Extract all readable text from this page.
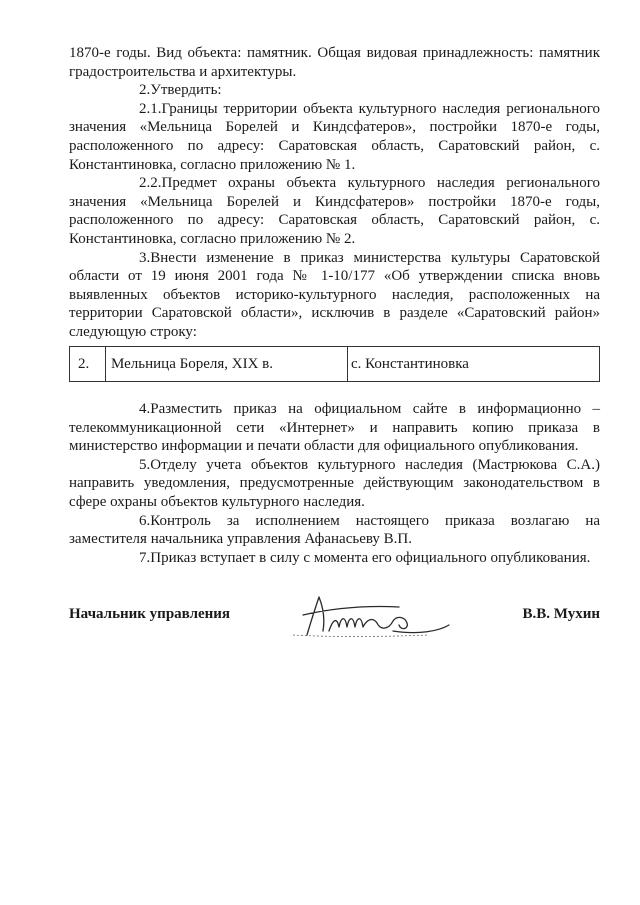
1870-е годы. Вид объекта: памятник. Общая видовая принадлежность: памятник градостроительства и архитектуры.

2.Утвердить:

2.1.Границы территории объекта культурного наследия регионального значения «Мельница Борелей и Киндсфатеров», постройки 1870-е годы, расположенного по адресу: Саратовская область, Саратовский район, с. Константиновка, согласно приложению № 1.

2.2.Предмет охраны объекта культурного наследия регионального значения «Мельница Борелей и Киндсфатеров» постройки 1870-е годы, расположенного по адресу: Саратовская область, Саратовский район, с. Константиновка, согласно приложению № 2.

3.Внести изменение в приказ министерства культуры Саратовской области от 19 июня 2001 года № 1-10/177 «Об утверждении списка вновь выявленных объектов историко-культурного наследия, расположенных на территории Саратовской области», исключив в разделе «Саратовский район» следующую строку:

2.	Мельница Бореля, XIX в.	с. Константиновка

4.Разместить приказ на официальном сайте в информационно – телекоммуникационной сети «Интернет» и направить копию приказа в министерство информации и печати области для официального опубликования.

5.Отделу учета объектов культурного наследия (Мастрюкова С.А.) направить уведомления, предусмотренные действующим законодательством в сфере охраны объектов культурного наследия.

6.Контроль за исполнением настоящего приказа возлагаю на заместителя начальника управления Афанасьеву В.П.

7.Приказ вступает в силу с момента его официального опубликования.

Начальник управления	В.В. Мухин
